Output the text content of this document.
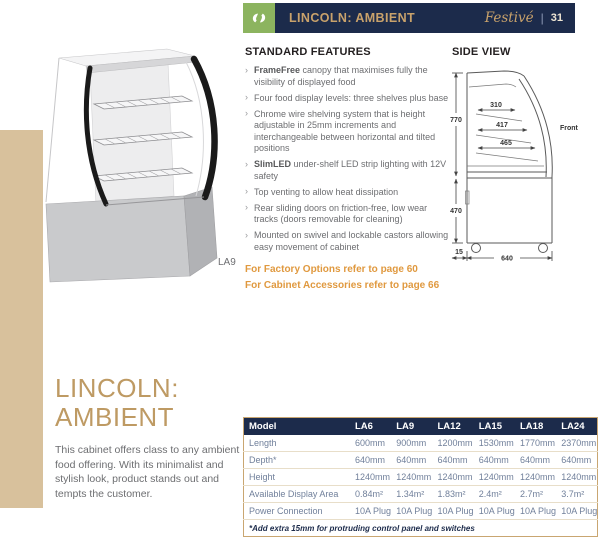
LINCOLN: AMBIENT	Festivé | 31
LA9
STANDARD FEATURES
› FrameFree canopy that maximises fully the visibility of displayed food
› Four food display levels: three shelves plus base
› Chrome wire shelving system that is height adjustable in 25mm increments and interchangeable between horizontal and tilted positions
› SlimLED under-shelf LED strip lighting with 12V safety
› Top venting to allow heat dissipation
› Rear sliding doors on friction-free, low wear tracks (doors removable for cleaning)
› Mounted on swivel and lockable castors allowing easy movement of cabinet
For Factory Options refer to page 60
For Cabinet Accessories refer to page 66
SIDE VIEW
770
470
310
417
465
15
640
Front
LINCOLN:
AMBIENT
This cabinet offers class to any ambient food offering. With its minimalist and stylish look, product stands out and tempts the customer.
Model	LA6	LA9	LA12	LA15	LA18	LA24
Length	600mm	900mm	1200mm	1530mm	1770mm	2370mm
Depth*	640mm	640mm	640mm	640mm	640mm	640mm
Height	1240mm	1240mm	1240mm	1240mm	1240mm	1240mm
Available Display Area	0.84m²	1.34m²	1.83m²	2.4m²	2.7m²	3.7m²
Power Connection	10A Plug	10A Plug	10A Plug	10A Plug	10A Plug	10A Plug
*Add extra 15mm for protruding control panel and switches						
